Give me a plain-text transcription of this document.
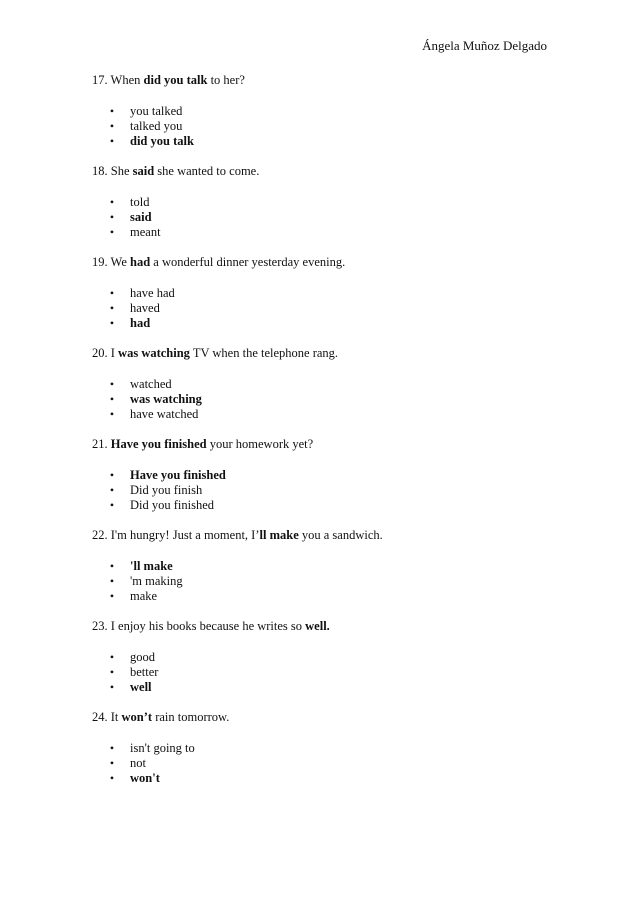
Ángela Muñoz Delgado

17. When did you talk to her?

• you talked
• talked you
• did you talk

18. She said she wanted to come.

• told
• said
• meant

19. We had a wonderful dinner yesterday evening.

• have had
• haved
• had

20. I was watching TV when the telephone rang.

• watched
• was watching
• have watched

21. Have you finished your homework yet?

• Have you finished
• Did you finish
• Did you finished

22. I'm hungry! Just a moment, I’ll make you a sandwich.

• 'll make
• 'm making
• make

23. I enjoy his books because he writes so well.

• good
• better
• well

24. It won’t rain tomorrow.

• isn't going to
• not
• won't
